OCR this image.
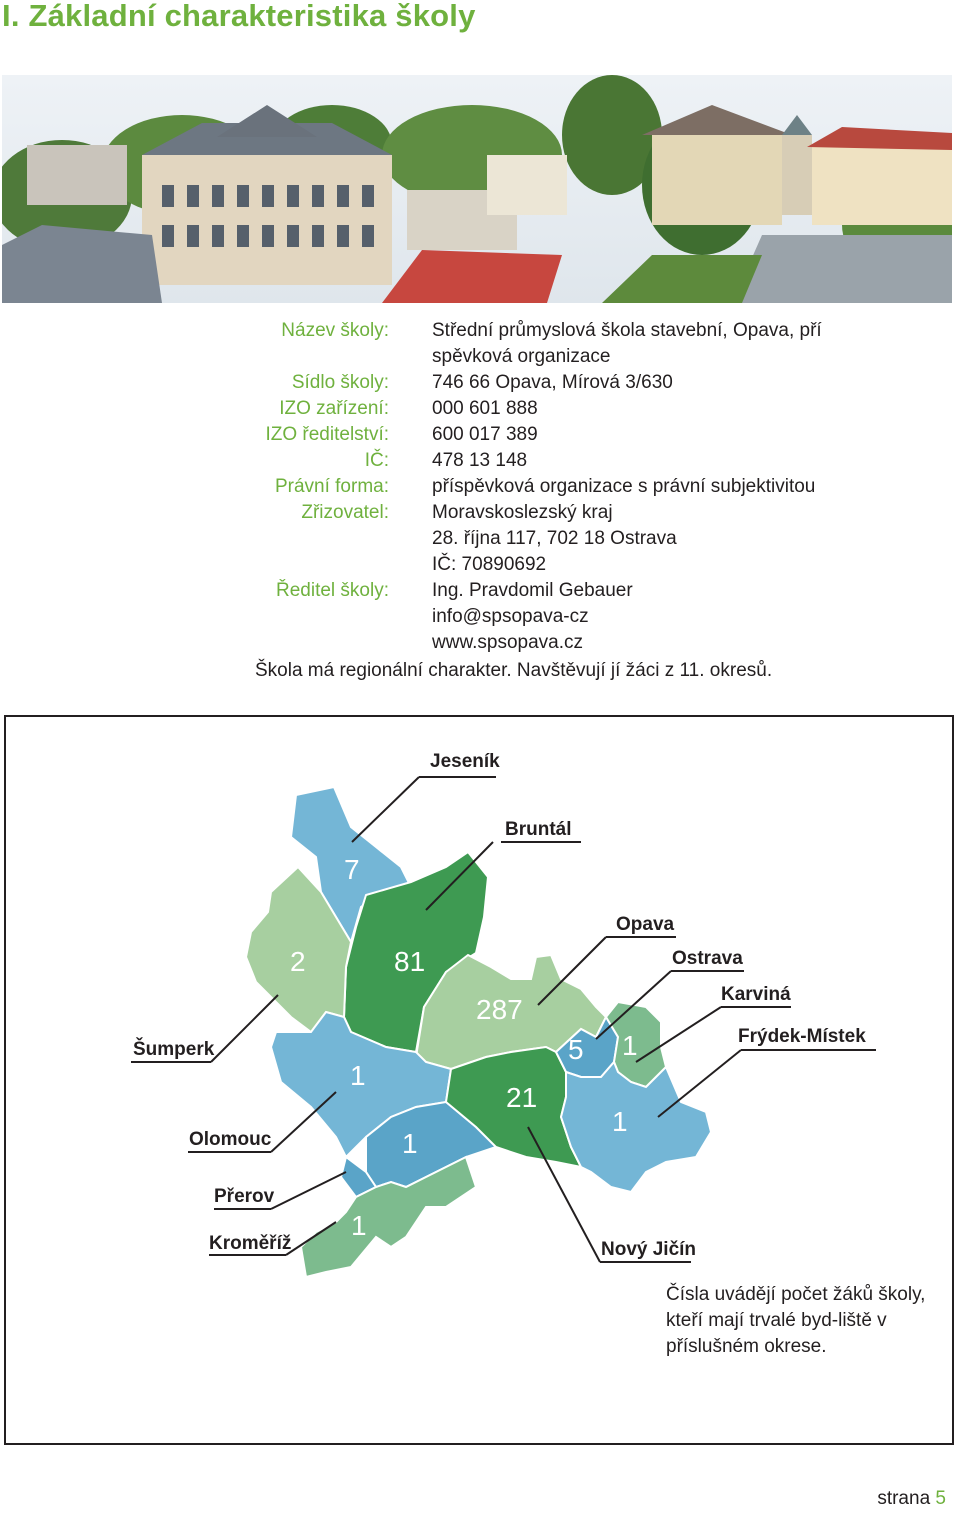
I. Základní charakteristika školy
Název školy: Střední průmyslová škola stavební, Opava, pří
spěvková organizace
Sídlo školy: 746 66 Opava, Mírová 3/630
IZO zařízení: 000 601 888
IZO ředitelství: 600 017 389
IČ: 478 13 148
Právní forma: příspěvková organizace s právní subjektivitou
Zřizovatel: Moravskoslezský kraj
28. října 117, 702 18 Ostrava
IČ: 70890692
Ředitel školy: Ing. Pravdomil Gebauer
info@spsopava-cz
www.spsopava.cz
Škola má regionální charakter. Navštěvují jí žáci z 11. okresů.
7
81
287
5 1
1
2
1
1
1
21
Jeseník
Bruntál
Opava
Ostrava
Karviná
Frýdek-Místek
Šumperk
Olomouc
Přerov
Kroměříž	Nový Jičín
Čísla uvádějí počet žáků školy, kteří mají trvalé byd-liště v příslušném okrese.
strana 5
